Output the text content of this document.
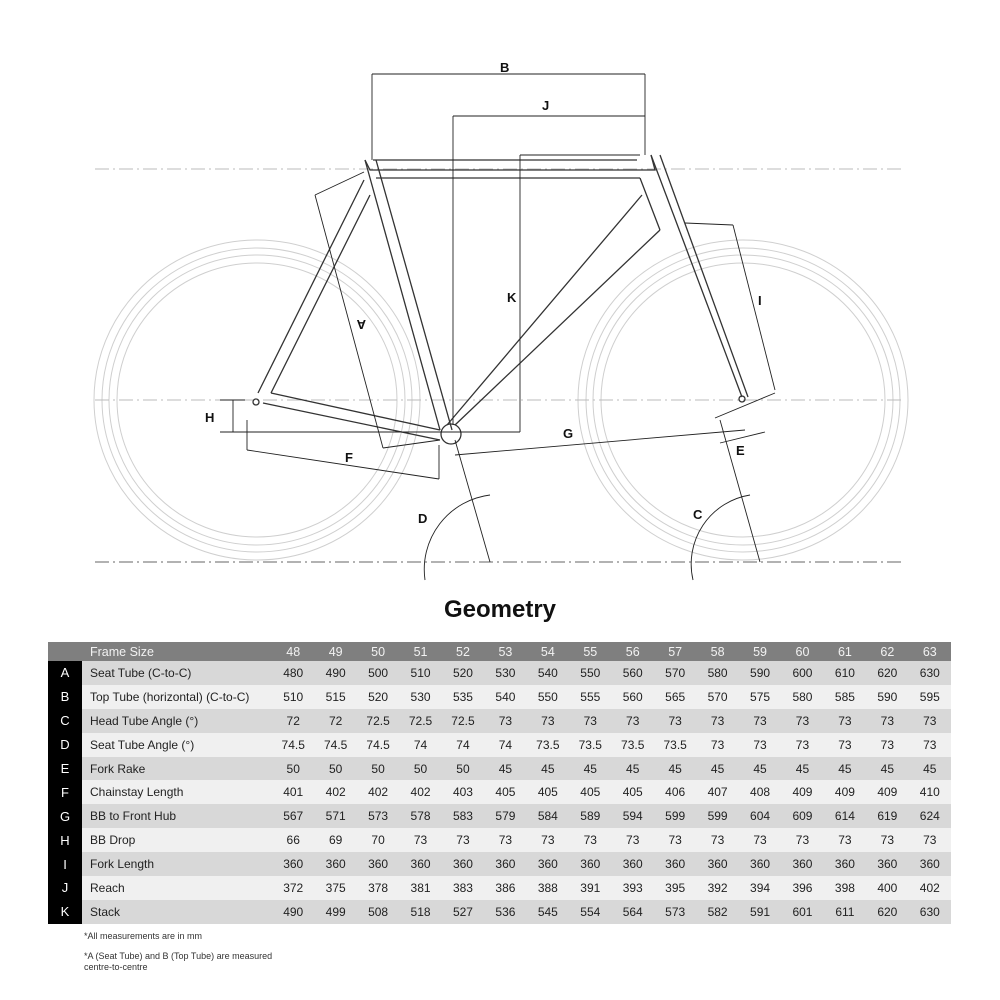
B
J
K
A
I
H
F
G
E
D	C
Geometry
	Frame Size	48	49	50	51	52	53	54	55	56	57	58	59	60	61	62	63
A	Seat Tube (C-to-C)	480	490	500	510	520	530	540	550	560	570	580	590	600	610	620	630
B	Top Tube (horizontal) (C-to-C)	510	515	520	530	535	540	550	555	560	565	570	575	580	585	590	595
C	Head Tube Angle (°)	72	72	72.5	72.5	72.5	73	73	73	73	73	73	73	73	73	73	73
D	Seat Tube Angle (°)	74.5	74.5	74.5	74	74	74	73.5	73.5	73.5	73.5	73	73	73	73	73	73
E	Fork Rake	50	50	50	50	50	45	45	45	45	45	45	45	45	45	45	45
F	Chainstay Length	401	402	402	402	403	405	405	405	405	406	407	408	409	409	409	410
G	BB to Front Hub	567	571	573	578	583	579	584	589	594	599	599	604	609	614	619	624
H	BB Drop	66	69	70	73	73	73	73	73	73	73	73	73	73	73	73	73
I	Fork Length	360	360	360	360	360	360	360	360	360	360	360	360	360	360	360	360
J	Reach	372	375	378	381	383	386	388	391	393	395	392	394	396	398	400	402
K	Stack	490	499	508	518	527	536	545	554	564	573	582	591	601	611	620	630
*All measurements are in mm
*A (Seat Tube) and B (Top Tube) are measured centre-to-centre
